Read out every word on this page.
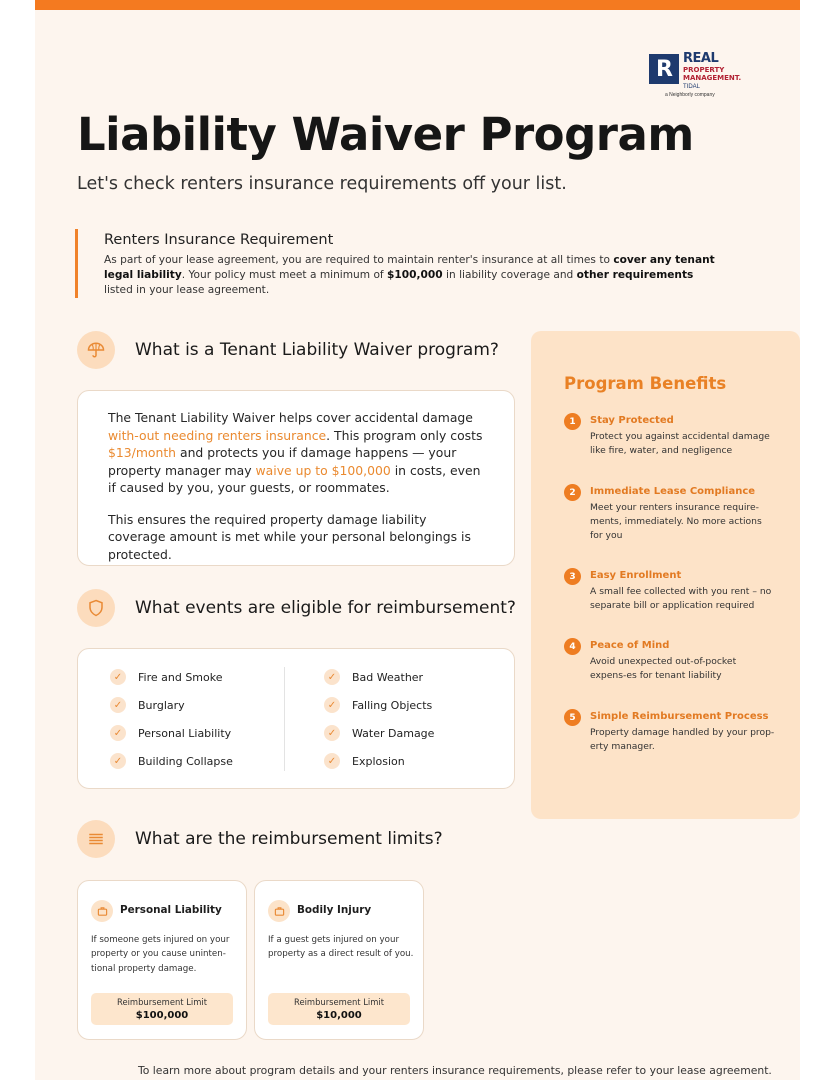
R REAL
PROPERTY
MANAGEMENT.
TIDAL
a Neighborly company
Liability Waiver Program
Let's check renters insurance requirements off your list.
Renters Insurance Requirement
As part of your lease agreement, you are required to maintain renter's insurance at all times to cover any tenant legal liability. Your policy must meet a minimum of $100,000 in liability coverage and other requirements listed in your lease agreement.
What is a Tenant Liability Waiver program?

The Tenant Liability Waiver helps cover accidental damage with-out needing renters insurance. This program only costs $13/month and protects you if damage happens — your property manager may waive up to $100,000 in costs, even if caused by you, your guests, or roommates.

This ensures the required property damage liability coverage amount is met while your personal belongings is protected.

What events are eligible for reimbursement?
✓	Fire and Smoke
✓	Burglary
✓	Personal Liability
✓	Building Collapse
✓	Bad Weather
✓	Falling Objects
✓	Water Damage
✓	Explosion
What are the reimbursement limits?
Personal Liability
If someone gets injured on your property or you cause uninten-tional property damage.
Reimbursement Limit
$100,000
Bodily Injury
If a guest gets injured on your property as a direct result of you.
Reimbursement Limit
$10,000
Program Benefits
1	Stay Protected
Protect you against accidental damage like fire, water, and negligence
2	Immediate Lease Compliance
Meet your renters insurance require-ments, immediately. No more actions for you
3	Easy Enrollment
A small fee collected with you rent – no separate bill or application required
4	Peace of Mind
Avoid unexpected out-of-pocket expens-es for tenant liability
5	Simple Reimbursement Process
Property damage handled by your prop-erty manager.
To learn more about program details and your renters insurance requirements, please refer to your lease agreement.
